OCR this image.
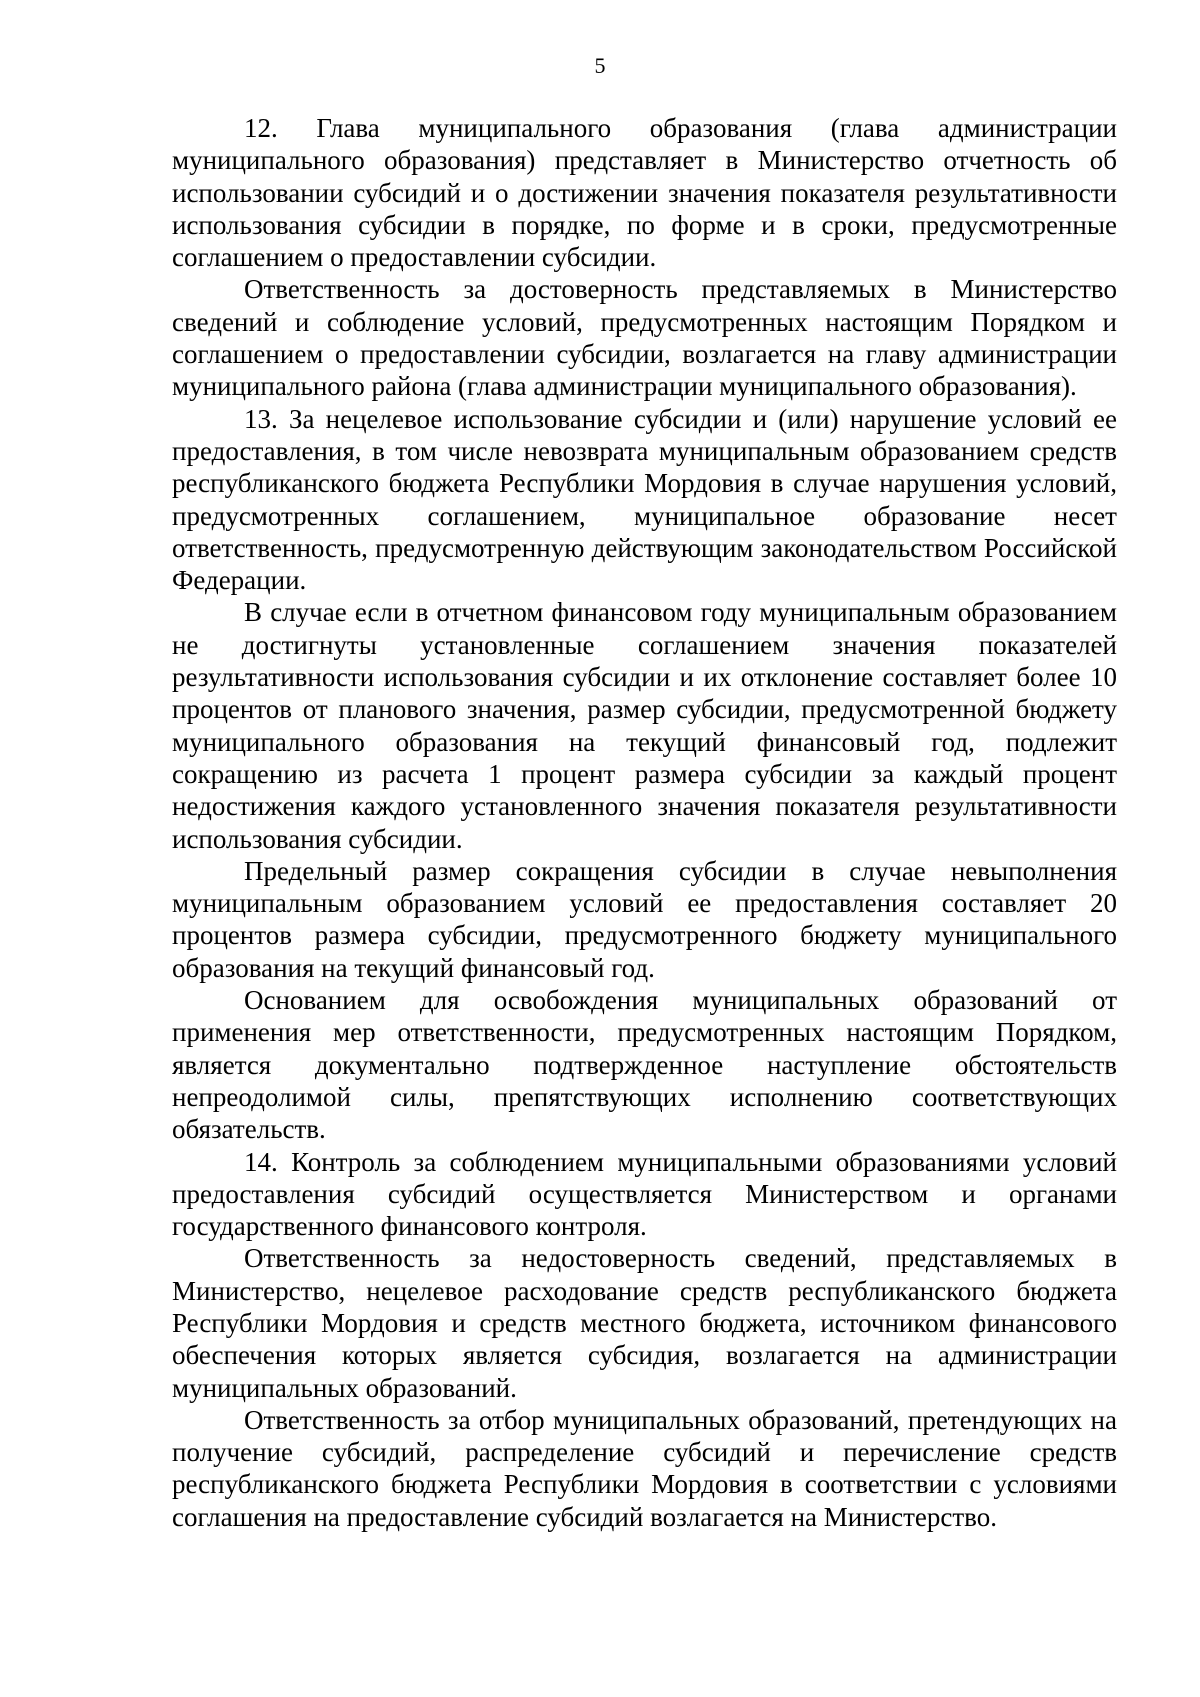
5

12. Глава муниципального образования (глава администрации муниципального образования) представляет в Министерство отчетность об использовании субсидий и о достижении значения показателя результативности использования субсидии в порядке, по форме и в сроки, предусмотренные соглашением о предоставлении субсидии.

Ответственность за достоверность представляемых в Министерство сведений и соблюдение условий, предусмотренных настоящим Порядком и соглашением о предоставлении субсидии, возлагается на главу администрации муниципального района (глава администрации муниципального образования).

13. За нецелевое использование субсидии и (или) нарушение условий ее предоставления, в том числе невозврата муниципальным образованием средств республиканского бюджета Республики Мордовия в случае нарушения условий, предусмотренных соглашением, муниципальное образование несет ответственность, предусмотренную действующим законодательством Российской Федерации.

В случае если в отчетном финансовом году муниципальным образованием не достигнуты установленные соглашением значения показателей результативности использования субсидии и их отклонение составляет более 10 процентов от планового значения, размер субсидии, предусмотренной бюджету муниципального образования на текущий финансовый год, подлежит сокращению из расчета 1 процент размера субсидии за каждый процент недостижения каждого установленного значения показателя результативности использования субсидии.

Предельный размер сокращения субсидии в случае невыполнения муниципальным образованием условий ее предоставления составляет 20 процентов размера субсидии, предусмотренного бюджету муниципального образования на текущий финансовый год.

Основанием для освобождения муниципальных образований от применения мер ответственности, предусмотренных настоящим Порядком, является документально подтвержденное наступление обстоятельств непреодолимой силы, препятствующих исполнению соответствующих обязательств.

14. Контроль за соблюдением муниципальными образованиями условий предоставления субсидий осуществляется Министерством и органами государственного финансового контроля.

Ответственность за недостоверность сведений, представляемых в Министерство, нецелевое расходование средств республиканского бюджета Республики Мордовия и средств местного бюджета, источником финансового обеспечения которых является субсидия, возлагается на администрации муниципальных образований.

Ответственность за отбор муниципальных образований, претендующих на получение субсидий, распределение субсидий и перечисление средств республиканского бюджета Республики Мордовия в соответствии с условиями соглашения на предоставление субсидий возлагается на Министерство.
